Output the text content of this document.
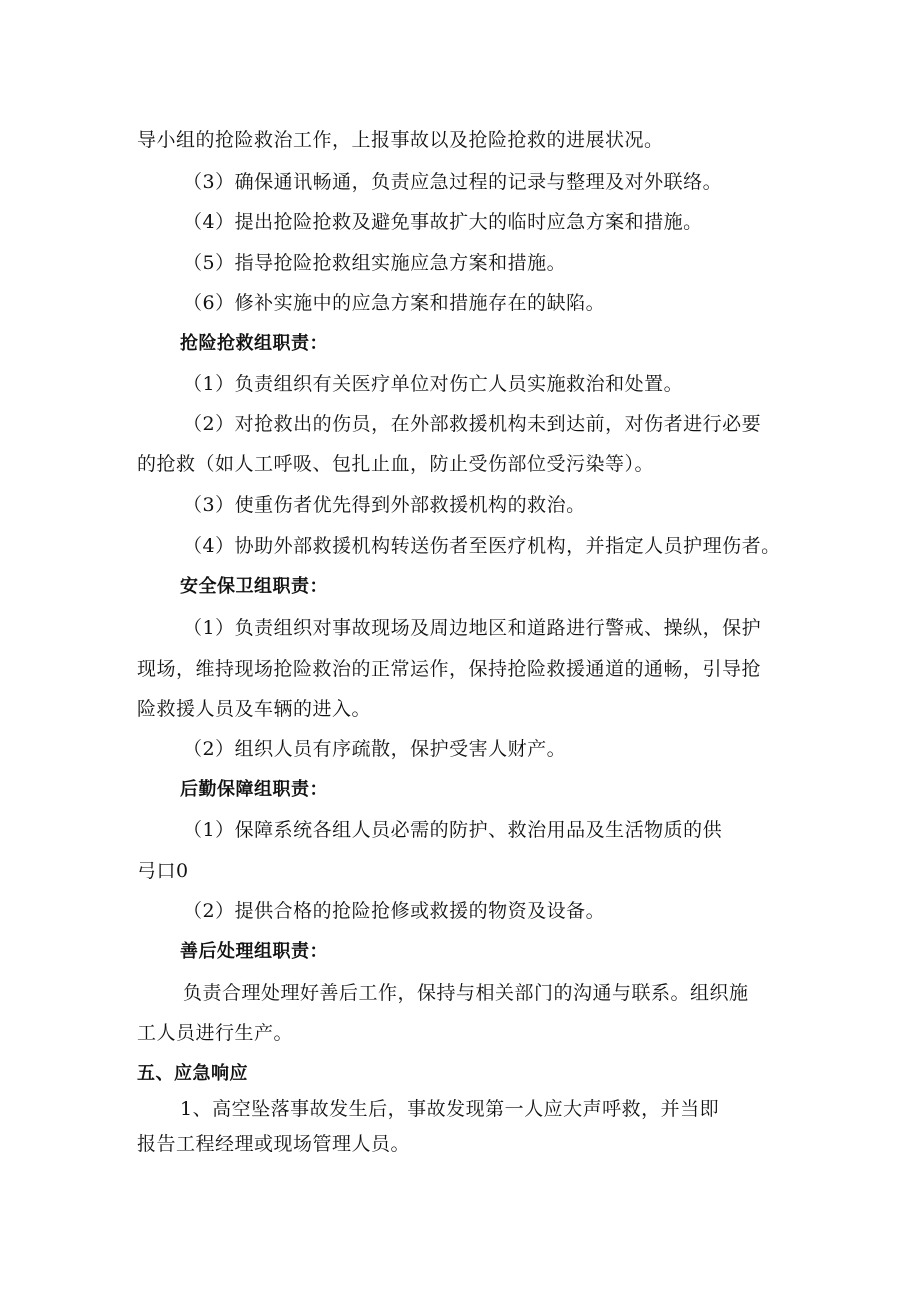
导小组的抢险救治工作，上报事故以及抢险抢救的进展状况。
（3）确保通讯畅通，负责应急过程的记录与整理及对外联络。
（4）提出抢险抢救及避免事故扩大的临时应急方案和措施。
（5）指导抢险抢救组实施应急方案和措施。
（6）修补实施中的应急方案和措施存在的缺陷。
抢险抢救组职责：
（1）负责组织有关医疗单位对伤亡人员实施救治和处置。
（2）对抢救出的伤员，在外部救援机构未到达前，对伤者进行必要
的抢救（如人工呼吸、包扎止血，防止受伤部位受污染等）。
（3）使重伤者优先得到外部救援机构的救治。
（4）协助外部救援机构转送伤者至医疗机构，并指定人员护理伤者。
安全保卫组职责：
（1）负责组织对事故现场及周边地区和道路进行警戒、操纵，保护
现场，维持现场抢险救治的正常运作，保持抢险救援通道的通畅，引导抢
险救援人员及车辆的进入。
（2）组织人员有序疏散，保护受害人财产。
后勤保障组职责：
（1）保障系统各组人员必需的防护、救治用品及生活物质的供
弓口0
（2）提供合格的抢险抢修或救援的物资及设备。
善后处理组职责：
负责合理处理好善后工作，保持与相关部门的沟通与联系。组织施
工人员进行生产。
五、应急响应
1、高空坠落事故发生后，事故发现第一人应大声呼救，并当即
报告工程经理或现场管理人员。
